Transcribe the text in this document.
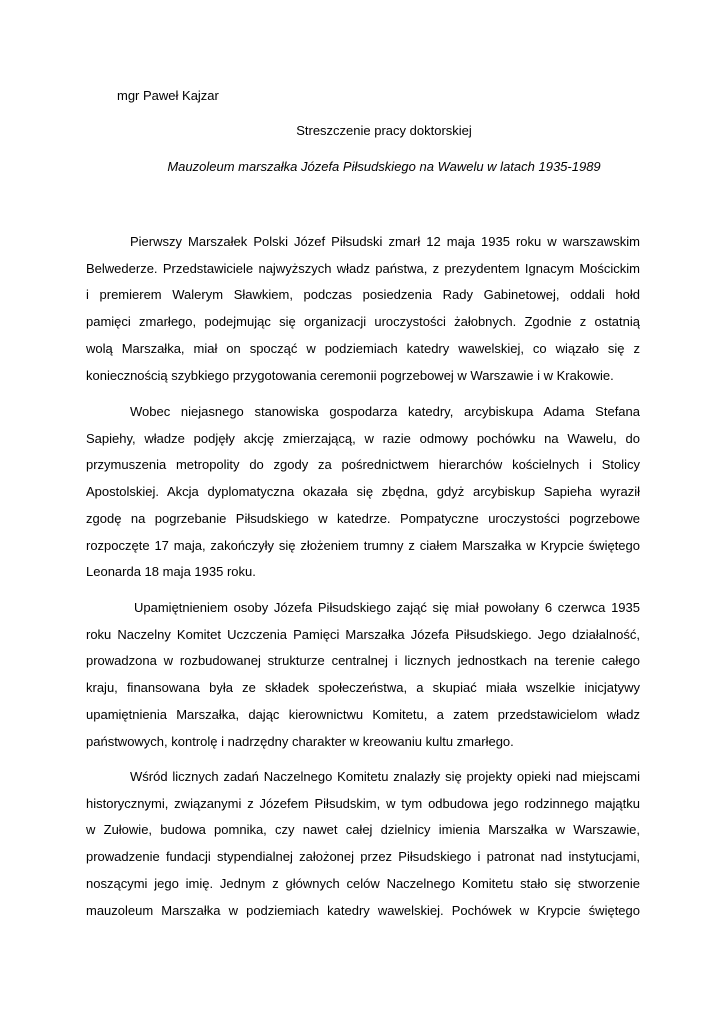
mgr Paweł Kajzar
Streszczenie pracy doktorskiej
Mauzoleum marszałka Józefa Piłsudskiego na Wawelu w latach 1935-1989
Pierwszy Marszałek Polski Józef Piłsudski zmarł 12 maja 1935 roku w warszawskim
Belwederze. Przedstawiciele najwyższych władz państwa, z prezydentem Ignacym Mościckim
i premierem Walerym Sławkiem, podczas posiedzenia Rady Gabinetowej, oddali hołd
pamięci zmarłego, podejmując się organizacji uroczystości żałobnych. Zgodnie z ostatnią
wolą Marszałka, miał on spocząć w podziemiach katedry wawelskiej, co wiązało się z
koniecznością szybkiego przygotowania ceremonii pogrzebowej w Warszawie i w Krakowie.
Wobec niejasnego stanowiska gospodarza katedry, arcybiskupa Adama Stefana
Sapiehy, władze podjęły akcję zmierzającą, w razie odmowy pochówku na Wawelu, do
przymuszenia metropolity do zgody za pośrednictwem hierarchów kościelnych i Stolicy
Apostolskiej. Akcja dyplomatyczna okazała się zbędna, gdyż arcybiskup Sapieha wyraził
zgodę na pogrzebanie Piłsudskiego w katedrze. Pompatyczne uroczystości pogrzebowe
rozpoczęte 17 maja, zakończyły się złożeniem trumny z ciałem Marszałka w Krypcie świętego
Leonarda 18 maja 1935 roku.
Upamiętnieniem osoby Józefa Piłsudskiego zająć się miał powołany 6 czerwca 1935
roku Naczelny Komitet Uczczenia Pamięci Marszałka Józefa Piłsudskiego. Jego działalność,
prowadzona w rozbudowanej strukturze centralnej i licznych jednostkach na terenie całego
kraju, finansowana była ze składek społeczeństwa, a skupiać miała wszelkie inicjatywy
upamiętnienia Marszałka, dając kierownictwu Komitetu, a zatem przedstawicielom władz
państwowych, kontrolę i nadrzędny charakter w kreowaniu kultu zmarłego.
Wśród licznych zadań Naczelnego Komitetu znalazły się projekty opieki nad miejscami
historycznymi, związanymi z Józefem Piłsudskim, w tym odbudowa jego rodzinnego majątku
w Zułowie, budowa pomnika, czy nawet całej dzielnicy imienia Marszałka w Warszawie,
prowadzenie fundacji stypendialnej założonej przez Piłsudskiego i patronat nad instytucjami,
noszącymi jego imię. Jednym z głównych celów Naczelnego Komitetu stało się stworzenie
mauzoleum Marszałka w podziemiach katedry wawelskiej. Pochówek w Krypcie świętego
